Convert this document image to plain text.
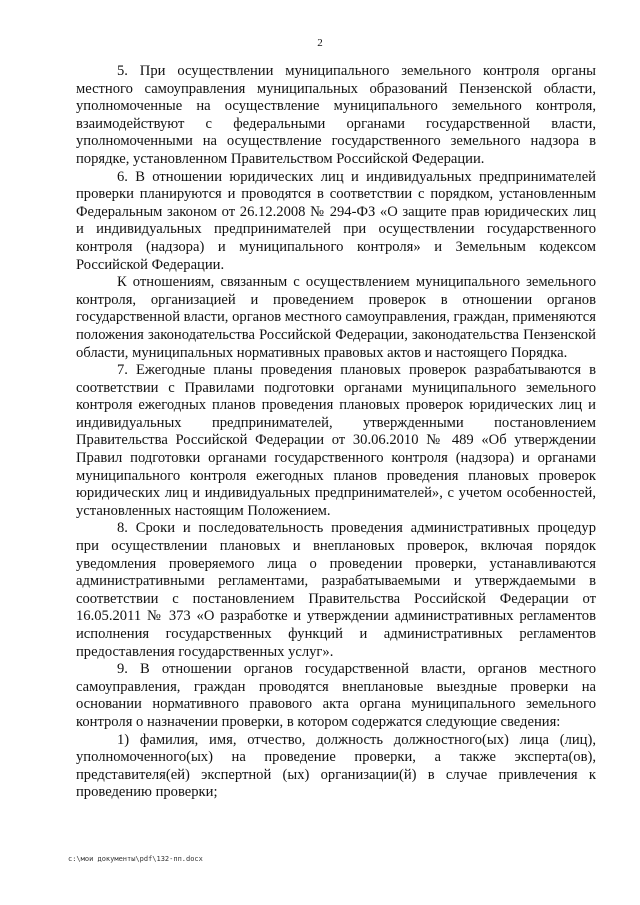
2

5. При осуществлении муниципального земельного контроля органы местного самоуправления муниципальных образований Пензенской области, уполномоченные на осуществление муниципального земельного контроля, взаимодействуют с федеральными органами государственной власти, уполномоченными на осуществление государственного земельного надзора в порядке, установленном Правительством Российской Федерации.

6. В отношении юридических лиц и индивидуальных предпринимателей проверки планируются и проводятся в соответствии с порядком, установленным Федеральным законом от 26.12.2008 № 294-ФЗ «О защите прав юридических лиц и индивидуальных предпринимателей при осуществлении государственного контроля (надзора) и муниципального контроля» и Земельным кодексом Российской Федерации.

К отношениям, связанным с осуществлением муниципального земельного контроля, организацией и проведением проверок в отношении органов государственной власти, органов местного самоуправления, граждан, применяются положения законодательства Российской Федерации, законодательства Пензенской области, муниципальных нормативных правовых актов и настоящего Порядка.

7. Ежегодные планы проведения плановых проверок разрабатываются в соответствии с Правилами подготовки органами муниципального земельного контроля ежегодных планов проведения плановых проверок юридических лиц и индивидуальных предпринимателей, утвержденными постановлением Правительства Российской Федерации от 30.06.2010 № 489 «Об утверждении Правил подготовки органами государственного контроля (надзора) и органами муниципального контроля ежегодных планов проведения плановых проверок юридических лиц и индивидуальных предпринимателей», с учетом особенностей, установленных настоящим Положением.

8. Сроки и последовательность проведения административных процедур при осуществлении плановых и внеплановых проверок, включая порядок уведомления проверяемого лица о проведении проверки, устанавливаются административными регламентами, разрабатываемыми и утверждаемыми в соответствии с постановлением Правительства Российской Федерации от 16.05.2011 № 373 «О разработке и утверждении административных регламентов исполнения государственных функций и административных регламентов предоставления государственных услуг».

9. В отношении органов государственной власти, органов местного самоуправления, граждан проводятся внеплановые выездные проверки на основании нормативного правового акта органа муниципального земельного контроля о назначении проверки, в котором содержатся следующие сведения:

1) фамилия, имя, отчество, должность должностного(ых) лица (лиц), уполномоченного(ых) на проведение проверки, а также эксперта(ов), представителя(ей) экспертной (ых) организации(й) в случае привлечения к проведению проверки;

c:\мои документы\pdf\132-пп.docx
